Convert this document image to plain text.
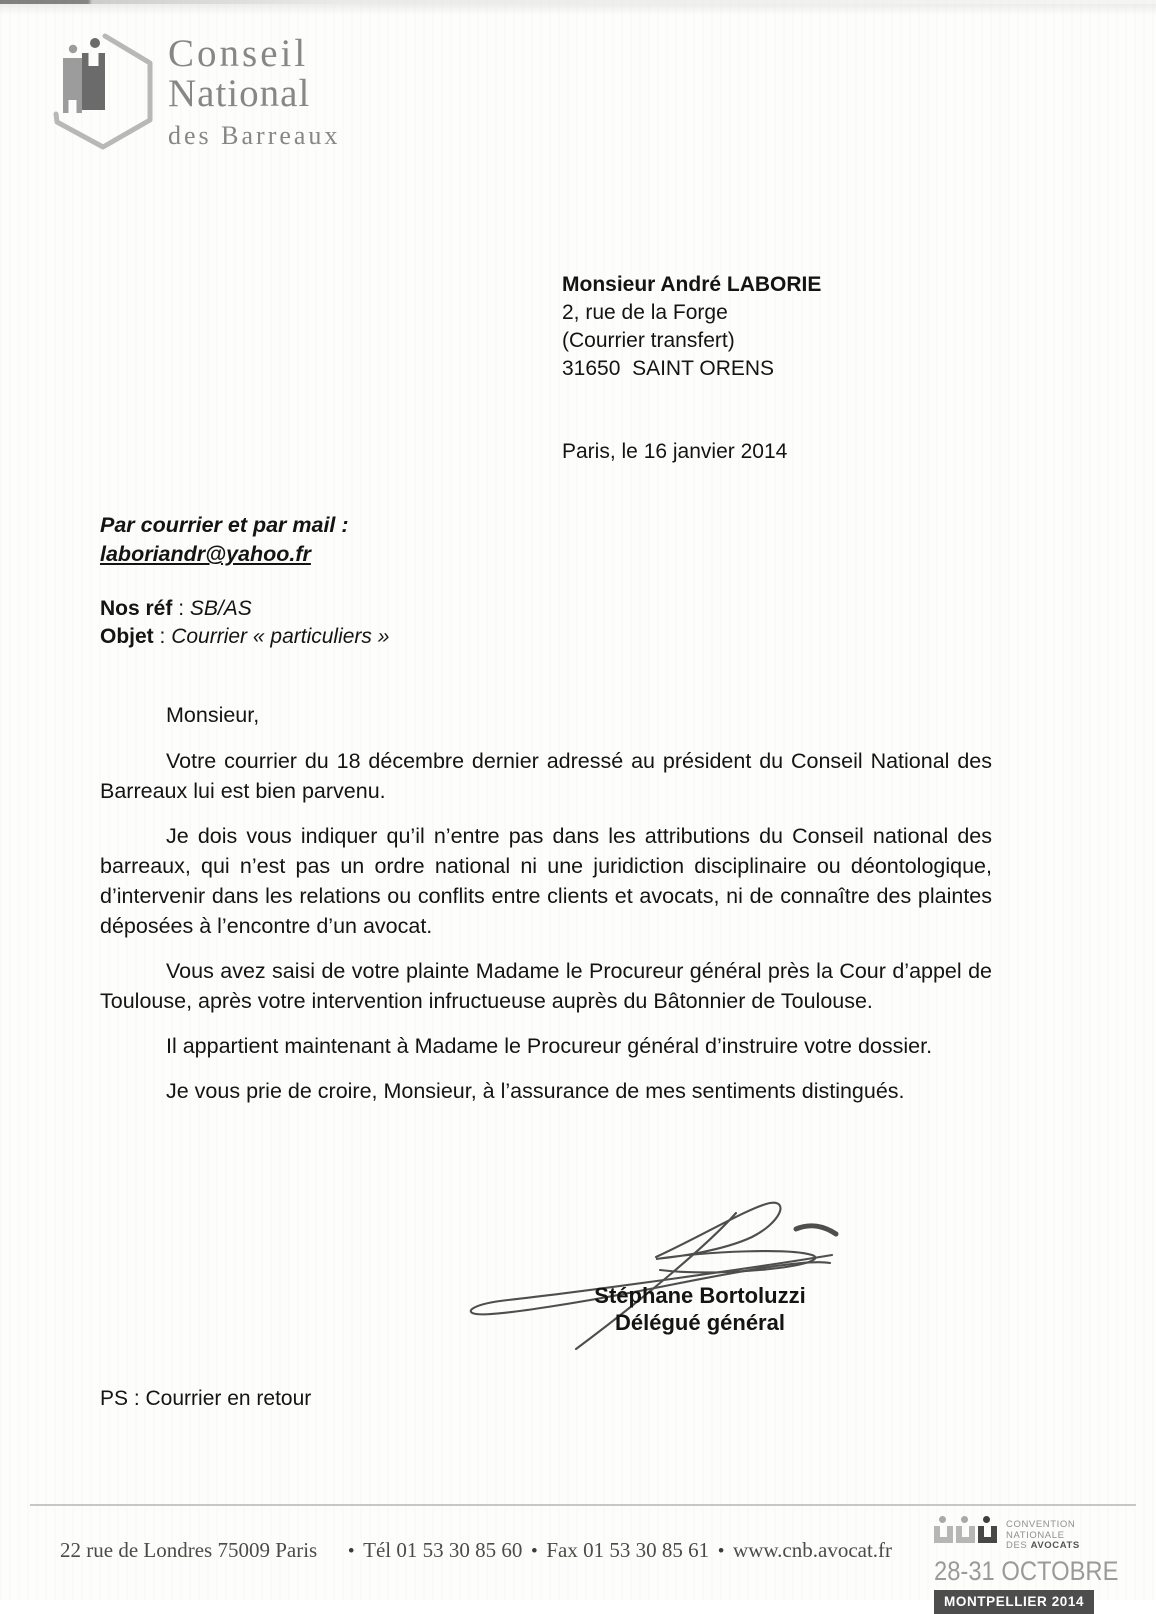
Conseil
National
des Barreaux
Monsieur André LABORIE
2, rue de la Forge
(Courrier transfert)
31650  SAINT ORENS
Paris, le 16 janvier 2014
Par courrier et par mail :
laboriandr@yahoo.fr
Nos réf : SB/AS
Objet : Courrier « particuliers »
Monsieur,

Votre courrier du 18 décembre dernier adressé au président du Conseil National des Barreaux lui est bien parvenu.

Je dois vous indiquer qu’il n’entre pas dans les attributions du Conseil national des barreaux, qui n’est pas un ordre national ni une juridiction disciplinaire ou déontologique, d’intervenir dans les relations ou conflits entre clients et avocats, ni de connaître des plaintes déposées à l’encontre d’un avocat.

Vous avez saisi de votre plainte Madame le Procureur général près la Cour d’appel de Toulouse, après votre intervention infructueuse auprès du Bâtonnier de Toulouse.

Il appartient maintenant à Madame le Procureur général d’instruire votre dossier.

Je vous prie de croire, Monsieur, à l’assurance de mes sentiments distingués.

Stéphane Bortoluzzi
Délégué général
PS : Courrier en retour
22 rue de Londres 75009 Paris • Tél 01 53 30 85 60 • Fax 01 53 30 85 61 • www.cnb.avocat.fr
CONVENTION
NATIONALE
DES AVOCATS
28-31 OCTOBRE
MONTPELLIER 2014
